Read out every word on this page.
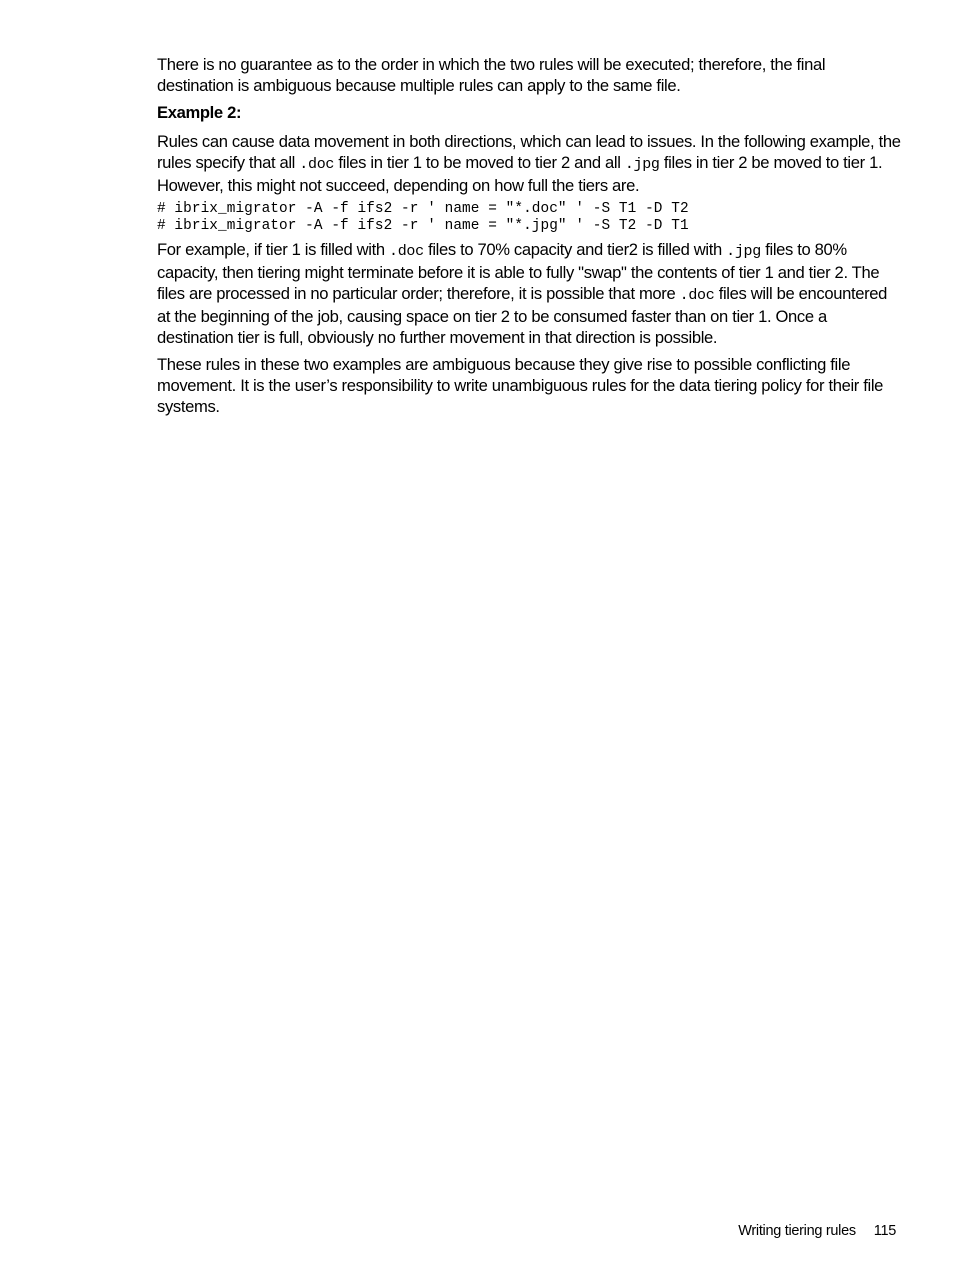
There is no guarantee as to the order in which the two rules will be executed; therefore, the final destination is ambiguous because multiple rules can apply to the same file.

Example 2:

Rules can cause data movement in both directions, which can lead to issues. In the following example, the rules specify that all .doc files in tier 1 to be moved to tier 2 and all .jpg files in tier 2 be moved to tier 1. However, this might not succeed, depending on how full the tiers are.

# ibrix_migrator -A -f ifs2 -r ' name = "*.doc" ' -S T1 -D T2
# ibrix_migrator -A -f ifs2 -r ' name = "*.jpg" ' -S T2 -D T1

For example, if tier 1 is filled with .doc files to 70% capacity and tier2 is filled with .jpg files to 80% capacity, then tiering might terminate before it is able to fully "swap" the contents of tier 1 and tier 2. The files are processed in no particular order; therefore, it is possible that more .doc files will be encountered at the beginning of the job, causing space on tier 2 to be consumed faster than on tier 1. Once a destination tier is full, obviously no further movement in that direction is possible.

These rules in these two examples are ambiguous because they give rise to possible conflicting file movement. It is the user’s responsibility to write unambiguous rules for the data tiering policy for their file systems.

Writing tiering rules 115
